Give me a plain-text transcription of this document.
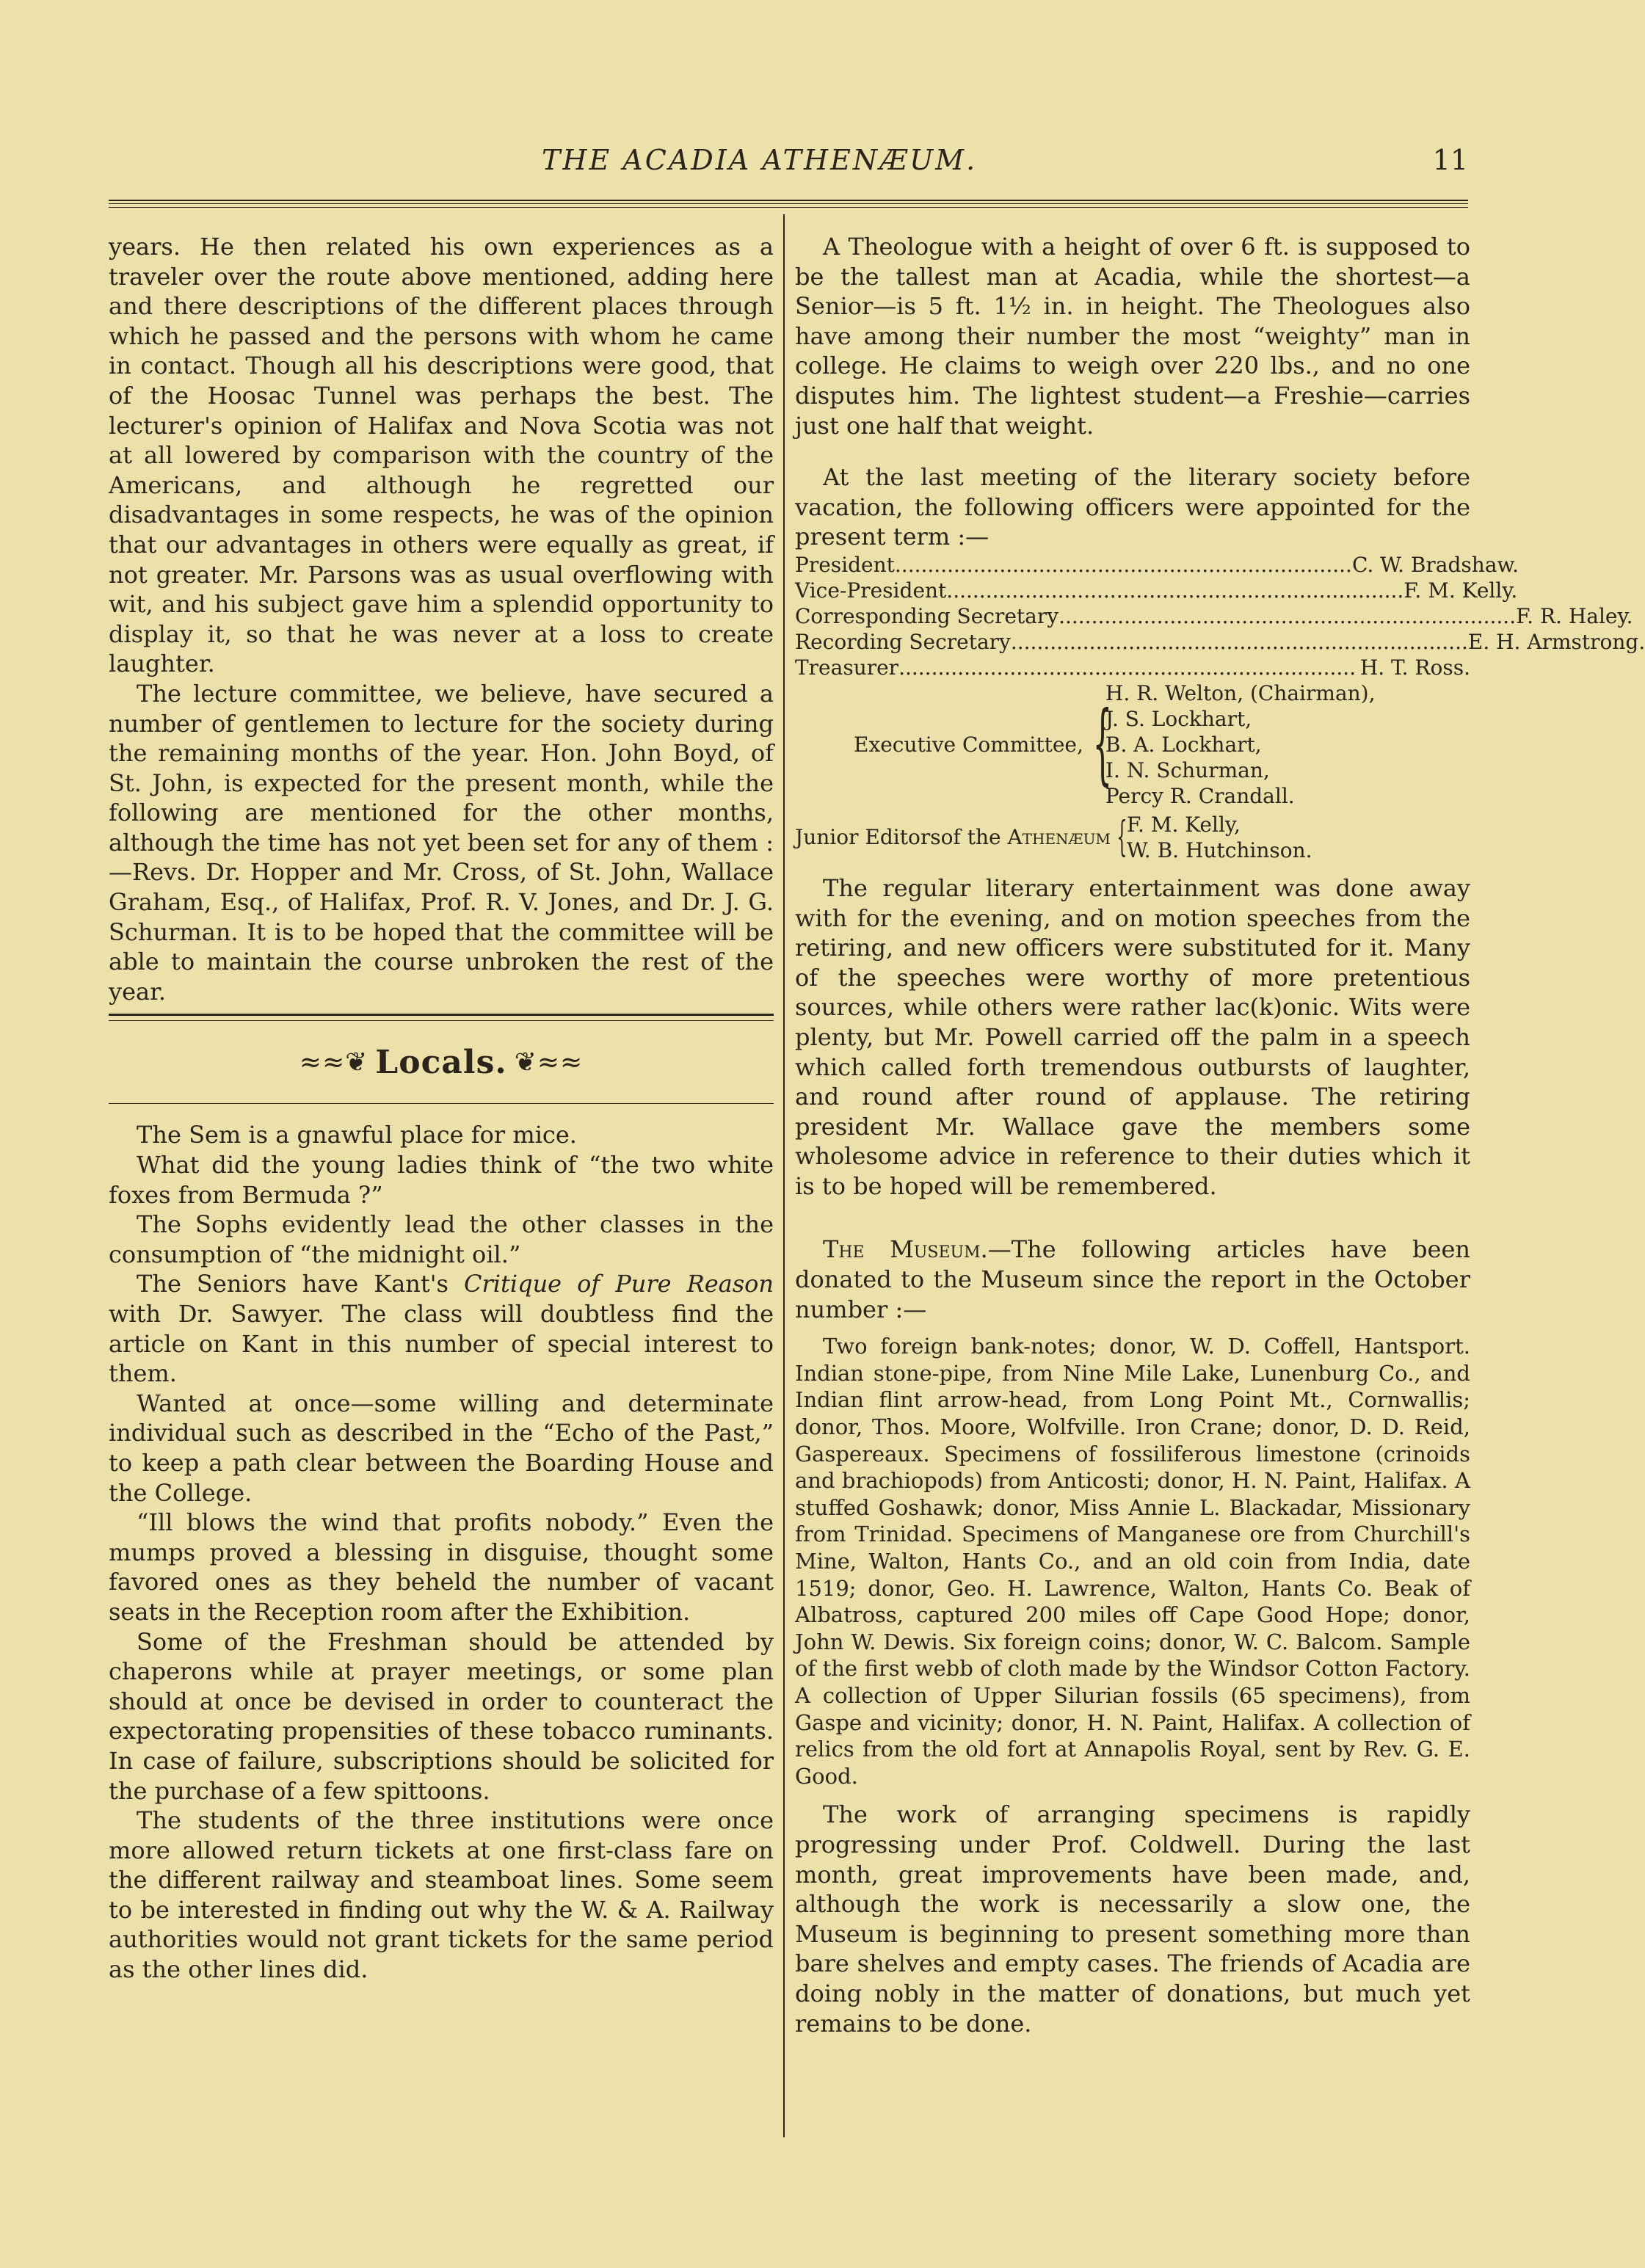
THE ACADIA ATHENÆUM.	11

years. He then related his own experiences as a traveler over the route above mentioned, adding here and there descriptions of the different places through which he passed and the persons with whom he came in contact. Though all his descriptions were good, that of the Hoosac Tunnel was perhaps the best. The lecturer's opinion of Halifax and Nova Scotia was not at all lowered by comparison with the country of the Americans, and although he regretted our disadvantages in some respects, he was of the opinion that our advantages in others were equally as great, if not greater. Mr. Parsons was as usual overflowing with wit, and his subject gave him a splendid opportunity to display it, so that he was never at a loss to create laughter.

The lecture committee, we believe, have secured a number of gentlemen to lecture for the society during the remaining months of the year. Hon. John Boyd, of St. John, is expected for the present month, while the following are mentioned for the other months, although the time has not yet been set for any of them :—Revs. Dr. Hopper and Mr. Cross, of St. John, Wallace Graham, Esq., of Halifax, Prof. R. V. Jones, and Dr. J. G. Schurman. It is to be hoped that the committee will be able to maintain the course unbroken the rest of the year.

≈≈❦ Locals. ❦≈≈

The Sem is a gnawful place for mice.

What did the young ladies think of “the two white foxes from Bermuda ?”

The Sophs evidently lead the other classes in the consumption of “the midnight oil.”

The Seniors have Kant's Critique of Pure Reason with Dr. Sawyer. The class will doubtless find the article on Kant in this number of special interest to them.

Wanted at once—some willing and determinate individual such as described in the “Echo of the Past,” to keep a path clear between the Boarding House and the College.

“Ill blows the wind that profits nobody.” Even the mumps proved a blessing in disguise, thought some favored ones as they beheld the number of vacant seats in the Reception room after the Exhibition.

Some of the Freshman should be attended by chaperons while at prayer meetings, or some plan should at once be devised in order to counteract the expectorating propensities of these tobacco ruminants. In case of failure, subscriptions should be solicited for the purchase of a few spittoons.

The students of the three institutions were once more allowed return tickets at one first-class fare on the different railway and steamboat lines. Some seem to be interested in finding out why the W. & A. Railway authorities would not grant tickets for the same period as the other lines did.

A Theologue with a height of over 6 ft. is supposed to be the tallest man at Acadia, while the shortest—a Senior—is 5 ft. 1½ in. in height. The Theologues also have among their number the most “weighty” man in college. He claims to weigh over 220 lbs., and no one disputes him. The lightest student—a Freshie—carries just one half that weight.

At the last meeting of the literary society before vacation, the following officers were appointed for the present term :—

President ...................................................................... C. W. Bradshaw.
Vice-President ...................................................................... F. M. Kelly.
Corresponding Secretary ...................................................................... F. R. Haley.
Recording Secretary ...................................................................... E. H. Armstrong.
Treasurer ...................................................................... H. T. Ross.
Executive Committee, {
H. R. Welton, (Chairman),
J. S. Lockhart,
B. A. Lockhart,
I. N. Schurman,
Percy R. Crandall.
Junior Editorsof the
Athenæum { F. M. Kelly,
W. B. Hutchinson.

The regular literary entertainment was done away with for the evening, and on motion speeches from the retiring, and new officers were substituted for it. Many of the speeches were worthy of more pretentious sources, while others were rather lac(k)onic. Wits were plenty, but Mr. Powell carried off the palm in a speech which called forth tremendous outbursts of laughter, and round after round of applause. The retiring president Mr. Wallace gave the members some wholesome advice in reference to their duties which it is to be hoped will be remembered.

The Museum.—The following articles have been donated to the Museum since the report in the October number :—

Two foreign bank-notes; donor, W. D. Coffell, Hantsport. Indian stone-pipe, from Nine Mile Lake, Lunenburg Co., and Indian flint arrow-head, from Long Point Mt., Cornwallis; donor, Thos. Moore, Wolfville. Iron Crane; donor, D. D. Reid, Gaspereaux. Specimens of fossiliferous limestone (crinoids and brachiopods) from Anticosti; donor, H. N. Paint, Halifax. A stuffed Goshawk; donor, Miss Annie L. Blackadar, Missionary from Trinidad. Specimens of Manganese ore from Churchill's Mine, Walton, Hants Co., and an old coin from India, date 1519; donor, Geo. H. Lawrence, Walton, Hants Co. Beak of Albatross, captured 200 miles off Cape Good Hope; donor, John W. Dewis. Six foreign coins; donor, W. C. Balcom. Sample of the first webb of cloth made by the Windsor Cotton Factory. A collection of Upper Silurian fossils (65 specimens), from Gaspe and vicinity; donor, H. N. Paint, Halifax. A collection of relics from the old fort at Annapolis Royal, sent by Rev. G. E. Good.

The work of arranging specimens is rapidly progressing under Prof. Coldwell. During the last month, great improvements have been made, and, although the work is necessarily a slow one, the Museum is beginning to present something more than bare shelves and empty cases. The friends of Acadia are doing nobly in the matter of donations, but much yet remains to be done.
